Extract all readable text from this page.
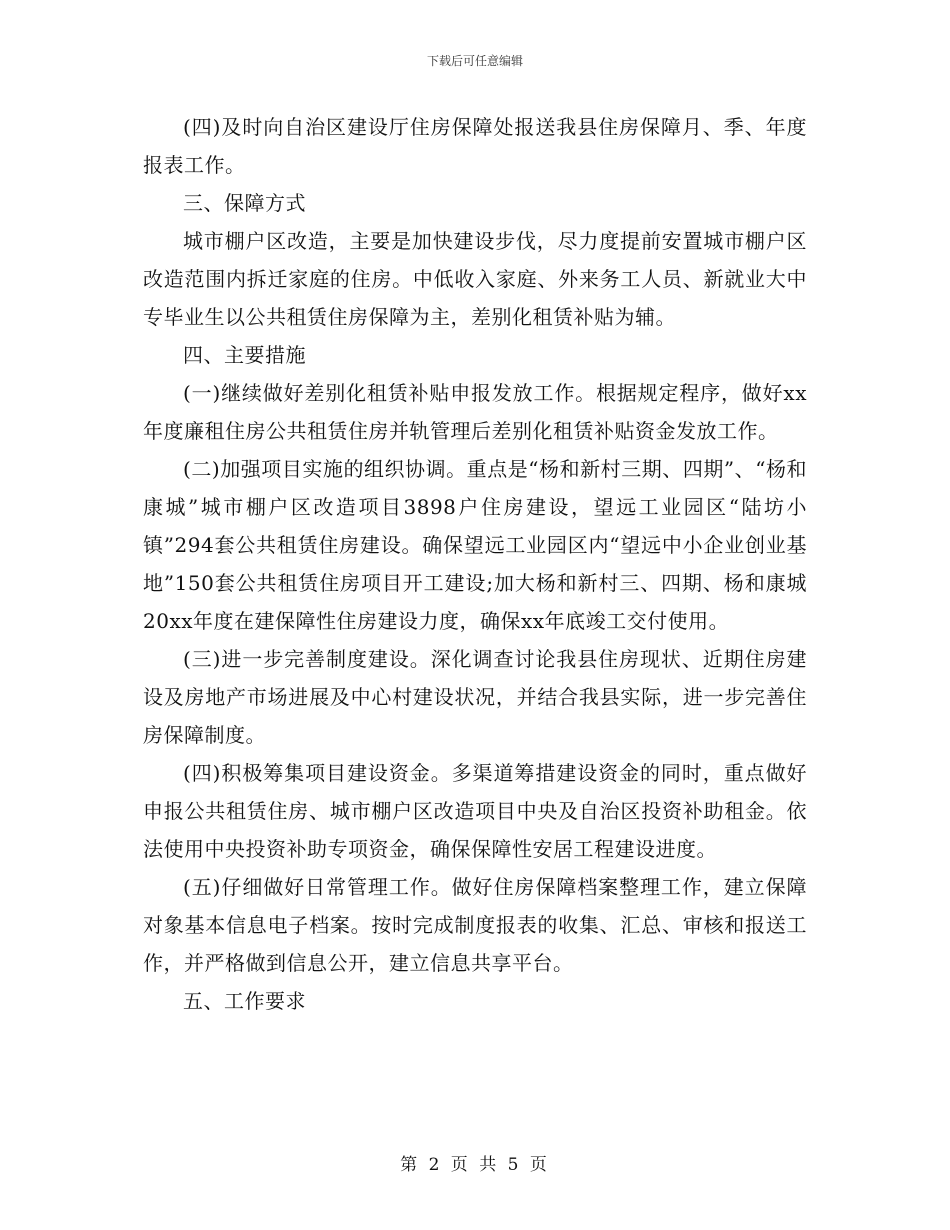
下载后可任意编辑

(四)及时向自治区建设厅住房保障处报送我县住房保障月、季、年度报表工作。

三、保障方式

城市棚户区改造，主要是加快建设步伐，尽力度提前安置城市棚户区改造范围内拆迁家庭的住房。中低收入家庭、外来务工人员、新就业大中专毕业生以公共租赁住房保障为主，差别化租赁补贴为辅。

四、主要措施

(一)继续做好差别化租赁补贴申报发放工作。根据规定程序，做好xx年度廉租住房公共租赁住房并轨管理后差别化租赁补贴资金发放工作。

(二)加强项目实施的组织协调。重点是“杨和新村三期、四期”、“杨和康城”城市棚户区改造项目3898户住房建设，望远工业园区“陆坊小镇”294套公共租赁住房建设。确保望远工业园区内“望远中小企业创业基地”150套公共租赁住房项目开工建设;加大杨和新村三、四期、杨和康城20xx年度在建保障性住房建设力度，确保xx年底竣工交付使用。

(三)进一步完善制度建设。深化调查讨论我县住房现状、近期住房建设及房地产市场进展及中心村建设状况，并结合我县实际，进一步完善住房保障制度。

(四)积极筹集项目建设资金。多渠道筹措建设资金的同时，重点做好申报公共租赁住房、城市棚户区改造项目中央及自治区投资补助租金。依法使用中央投资补助专项资金，确保保障性安居工程建设进度。

(五)仔细做好日常管理工作。做好住房保障档案整理工作，建立保障对象基本信息电子档案。按时完成制度报表的收集、汇总、审核和报送工作，并严格做到信息公开，建立信息共享平台。

五、工作要求

第 2 页 共 5 页
